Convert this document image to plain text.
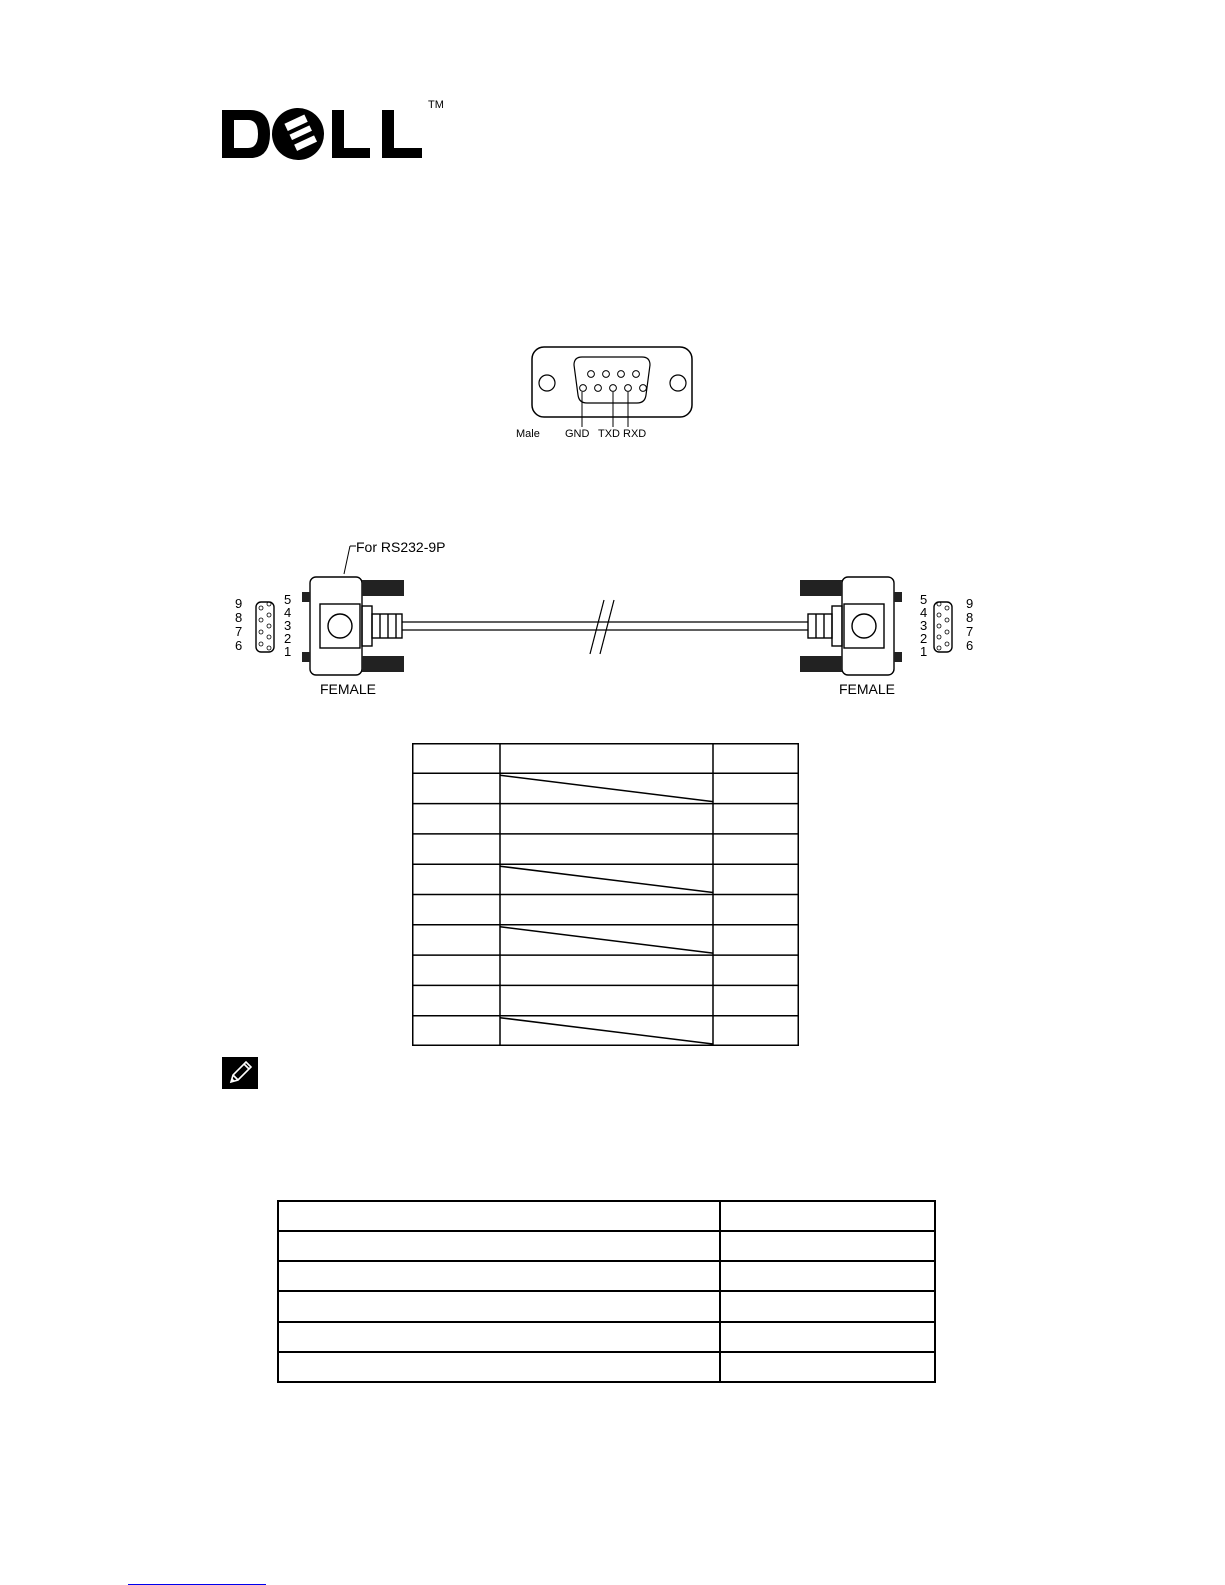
TM
Male GND TXD RXD
For RS232-9P
FEMALE	FEMALE
9
8
7
6
5
4
3
2
1
5
4
3
2
1
9
8
7
6
